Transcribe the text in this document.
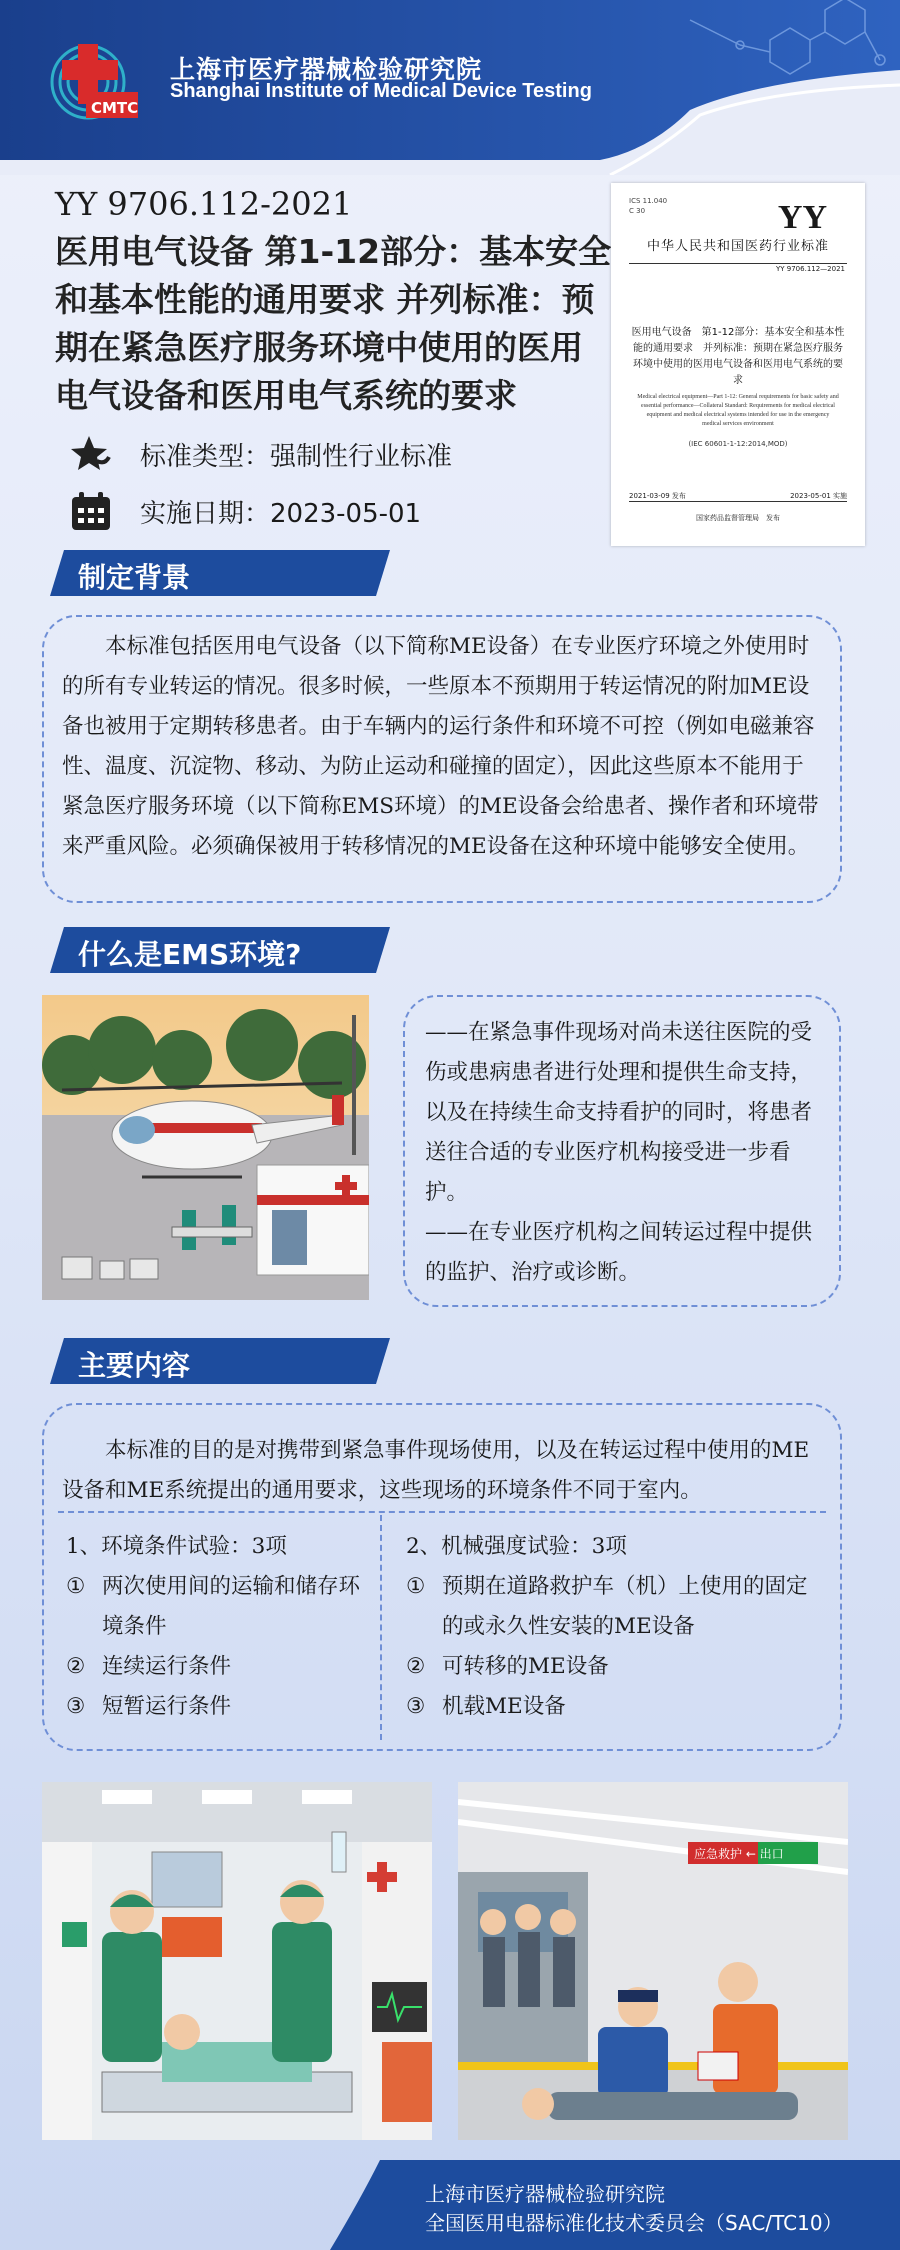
CMTC
上海市医疗器械检验研究院
Shanghai Institute of Medical Device Testing
YY 9706.112-2021
医用电气设备 第1-12部分：基本安全和基本性能的通用要求 并列标准：预期在紧急医疗服务环境中使用的医用电气设备和医用电气系统的要求
标准类型：强制性行业标准
实施日期：2023-05-01
ICS 11.040
C 30	YY
中华人民共和国医药行业标准
YY 9706.112—2021
医用电气设备　第1-12部分：基本安全和基本性能的通用要求　并列标准：预期在紧急医疗服务环境中使用的医用电气设备和医用电气系统的要求
Medical electrical equipment—Part 1-12: General requirements for basic safety and essential performance—Collateral Standard: Requirements for medical electrical equipment and medical electrical systems intended for use in the emergency medical services environment
(IEC 60601-1-12:2014,MOD)
2021-03-09 发布	2023-05-01 实施
国家药品监督管理局　发布
制定背景
本标准包括医用电气设备（以下简称ME设备）在专业医疗环境之外使用时的所有专业转运的情况。很多时候，一些原本不预期用于转运情况的附加ME设备也被用于定期转移患者。由于车辆内的运行条件和环境不可控（例如电磁兼容性、温度、沉淀物、移动、为防止运动和碰撞的固定），因此这些原本不能用于紧急医疗服务环境（以下简称EMS环境）的ME设备会给患者、操作者和环境带来严重风险。必须确保被用于转移情况的ME设备在这种环境中能够安全使用。
什么是EMS环境?
——在紧急事件现场对尚未送往医院的受伤或患病患者进行处理和提供生命支持，以及在持续生命支持看护的同时，将患者送往合适的专业医疗机构接受进一步看护。
——在专业医疗机构之间转运过程中提供的监护、治疗或诊断。
主要内容
本标准的目的是对携带到紧急事件现场使用，以及在转运过程中使用的ME设备和ME系统提出的通用要求，这些现场的环境条件不同于室内。
1、环境条件试验：3项
① 两次使用间的运输和储存环境条件
② 连续运行条件
③ 短暂运行条件
2、机械强度试验：3项
① 预期在道路救护车（机）上使用的固定的或永久性安装的ME设备
② 可转移的ME设备
③ 机载ME设备
应急救护 ← 出口
上海市医疗器械检验研究院
全国医用电器标准化技术委员会（SAC/TC10）
